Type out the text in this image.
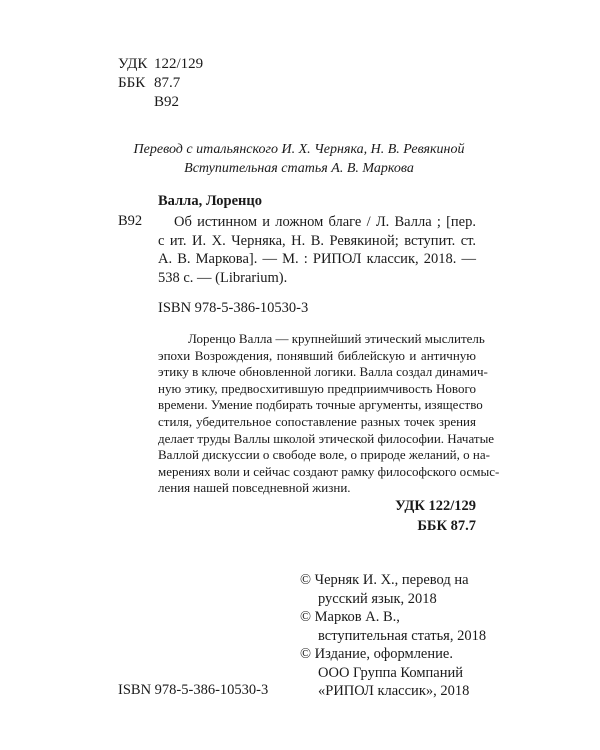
УДК 122/129
ББК 87.7
В92
Перевод с итальянского И. Х. Черняка, Н. В. Ревякиной
Вступительная статья А. В. Маркова
Валла, Лоренцо
В92	Об истинном и ложном благе / Л. Валла ; [пер.
с ит. И. Х. Черняка, Н. В. Ревякиной; вступит. ст.
А. В. Маркова]. — М. : РИПОЛ классик, 2018. —
538 с. — (Librarium).
ISBN 978-5-386-10530-3
Лоренцо Валла — крупнейший этический мыслитель
эпохи Возрождения, понявший библейскую и античную
этику в ключе обновленной логики. Валла создал динамич-
ную этику, предвосхитившую предприимчивость Нового
времени. Умение подбирать точные аргументы, изящество
стиля, убедительное сопоставление разных точек зрения
делает труды Валлы школой этической философии. Начатые
Валлой дискуссии о свободе воле, о природе желаний, о на-
мерениях воли и сейчас создают рамку философского осмыс-
ления нашей повседневной жизни.
УДК 122/129
ББК 87.7
© Черняк И. Х., перевод на
русский язык, 2018
© Марков А. В.,
вступительная статья, 2018
© Издание, оформление.
ООО Группа Компаний
«РИПОЛ классик», 2018
ISBN 978-5-386-10530-3
